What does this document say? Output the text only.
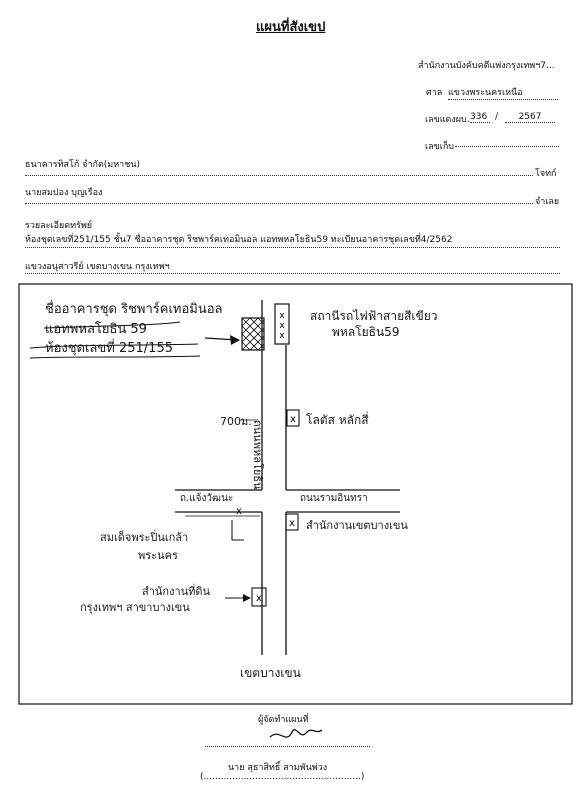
แผนที่สังเขป
สำนักงานบังคับคดีแพ่งกรุงเทพฯ7...
ศาล แขวงพระนครเหนือ
เลขแดงผบ. 336 /	2567
เลขเก็บ
ธนาคารทิสโก้ จำกัด(มหาชน)
โจทก์
นายสมปอง บุญเรือง
จำเลย
รวยละเอียดทรัพย์
ห้องชุดเลขที่251/155 ชั้น7 ชื่ออาคารชุด ริชพาร์คเทอมินอล แอทพหลโยธิน59 ทะเบียนอาคารชุดเลขที่4/2562
แขวงอนุสาวรีย์ เขตบางเขน กรุงเทพฯ
x
x
x
x
x
x
x
ชื่ออาคารชุด ริชพาร์คเทอมินอล
แอทพหลโยธิน 59
ห้องชุดเลขที่ 251/155
สถานีรถไฟฟ้าสายสีเขียว
พหลโยธิน59
ถนนพหลโยธิน
700ม.	โลตัส หลักสี่
ถ.แจ้งวัฒนะ	ถนนรามอินทรา
สำนักงานเขตบางเขน
สมเด็จพระปิ่นเกล้า
พระนคร
สำนักงานที่ดิน
กรุงเทพฯ สาขาบางเขน
เขตบางเขน
ผู้จัดทำแผนที่
นาย สุธาสิทธิ์ สามพันพ่วง
(.......................................................)
